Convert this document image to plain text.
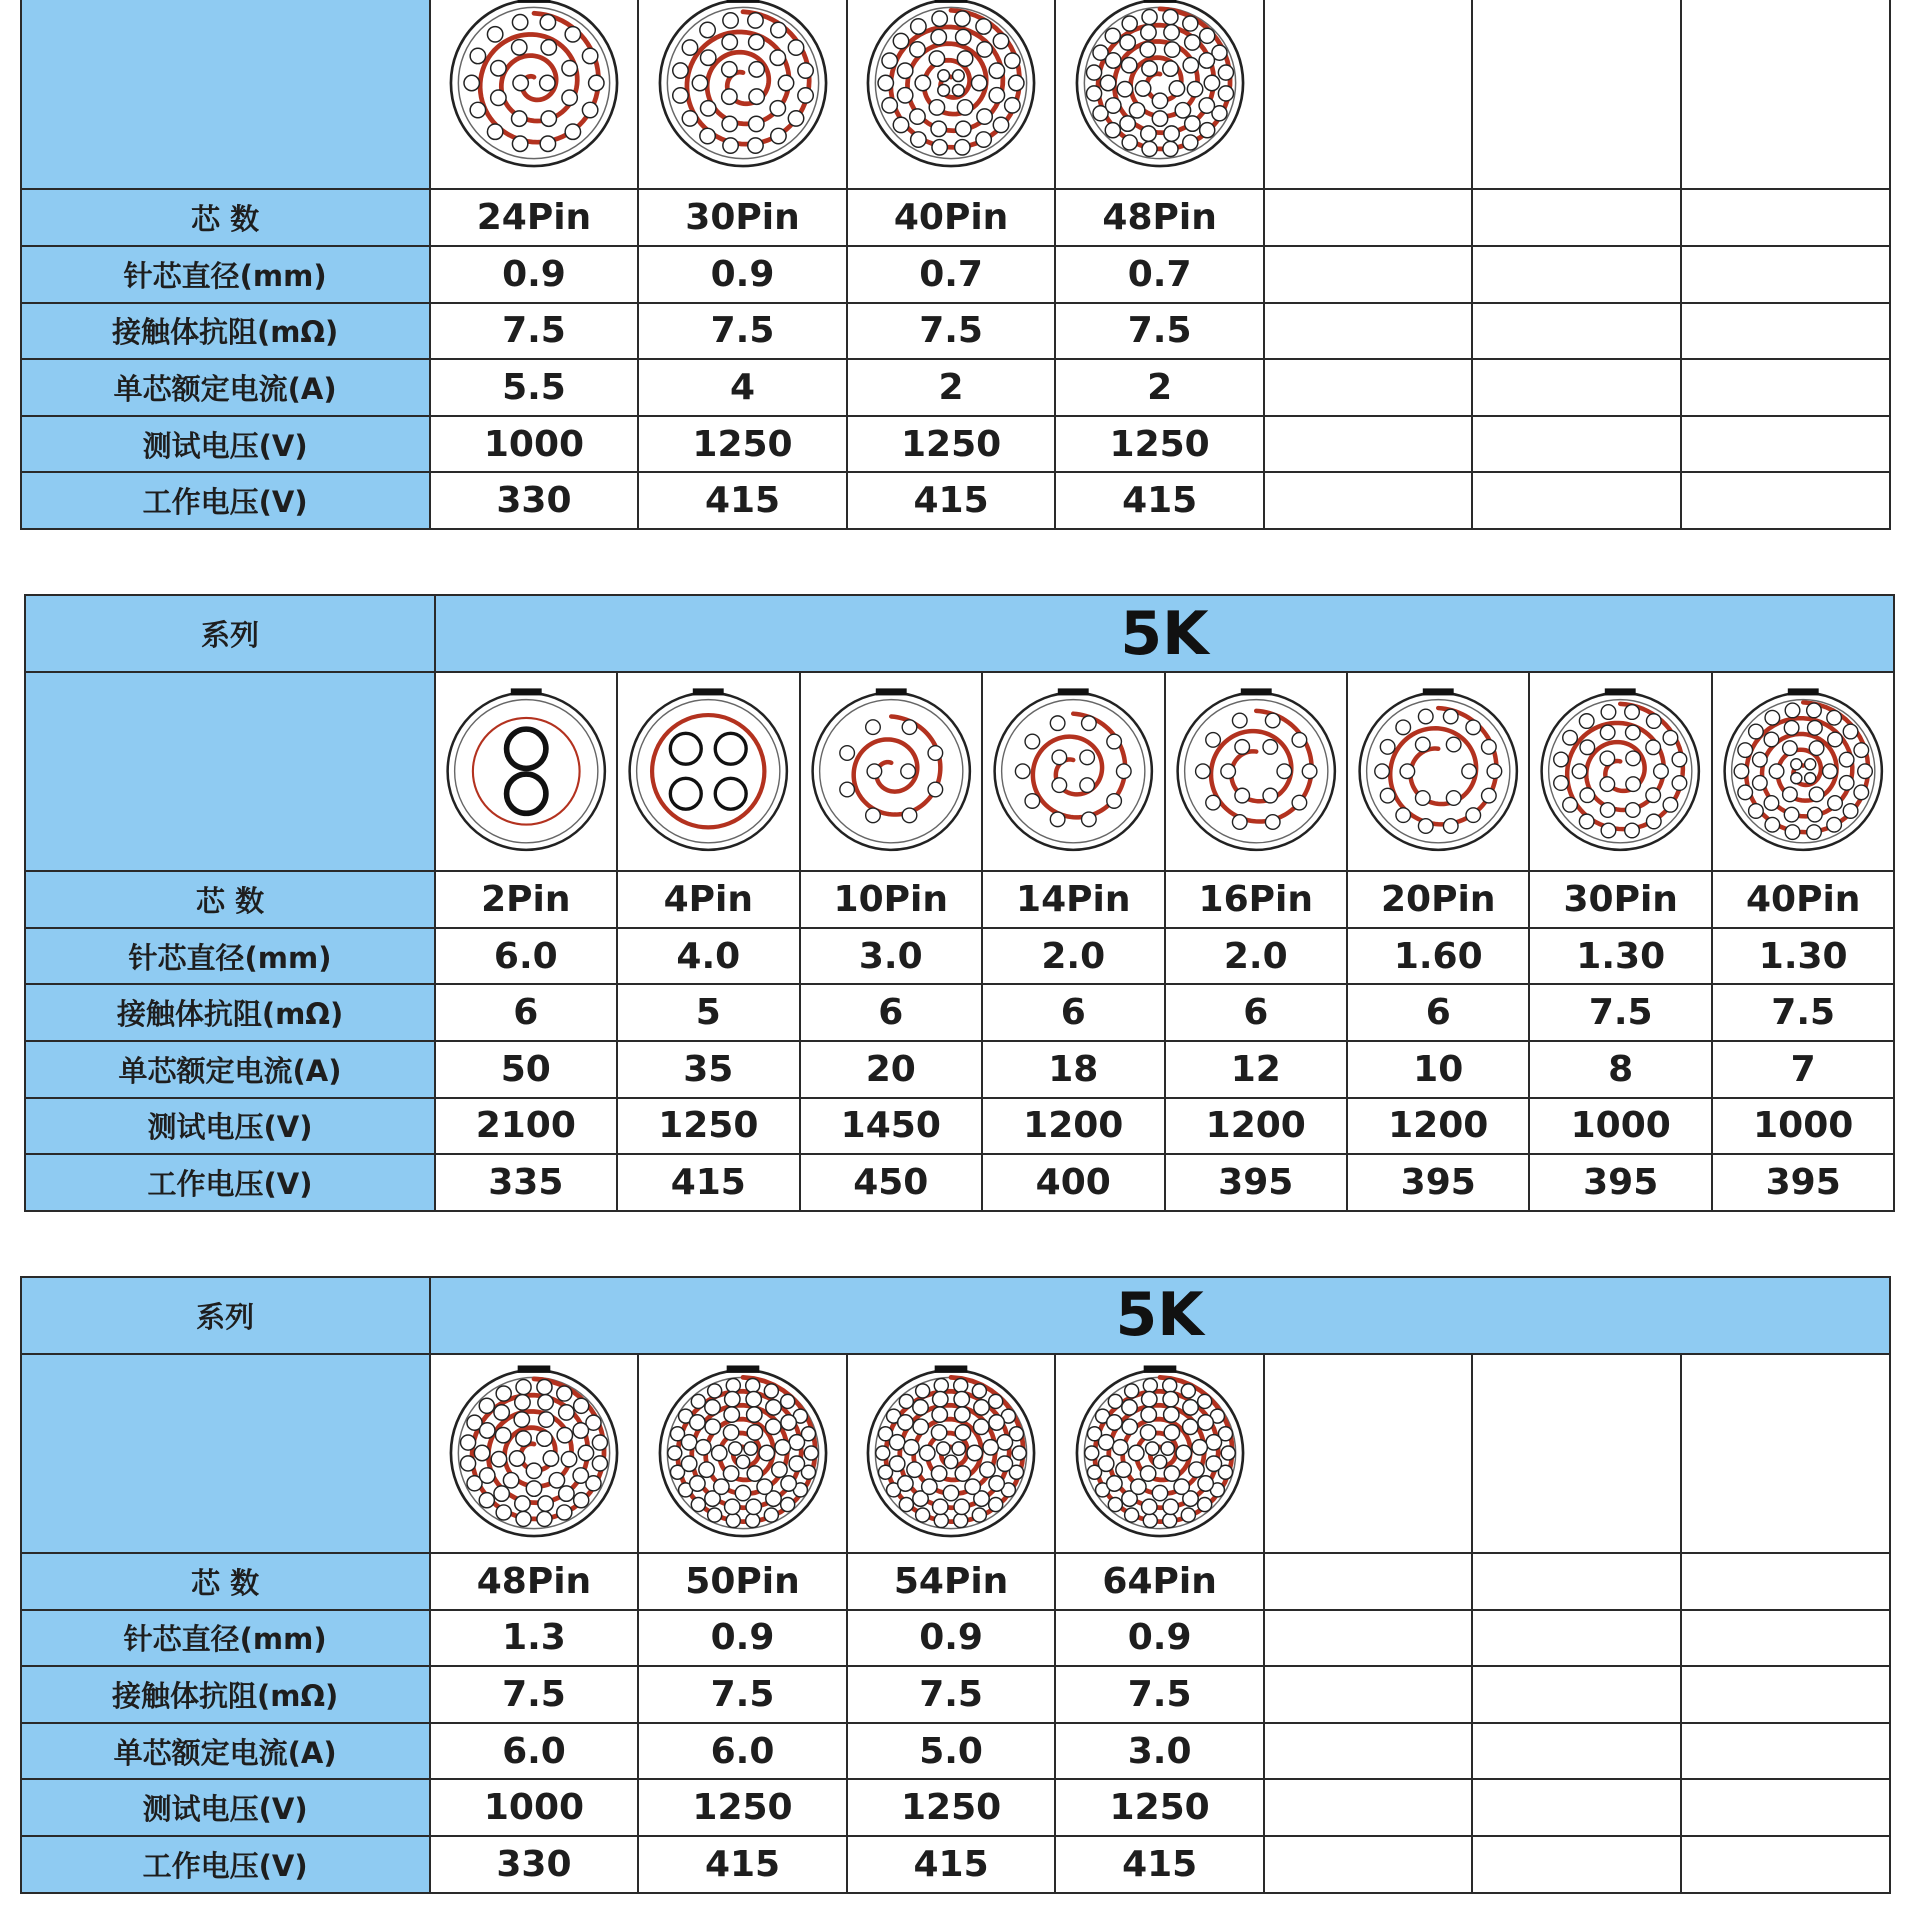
芯 数	24Pin	30Pin	40Pin	48Pin			
针芯直径(mm)	0.9	0.9	0.7	0.7			
接触体抗阻(mΩ)	7.5	7.5	7.5	7.5			
单芯额定电流(A)	5.5	4	2	2			
测试电压(V)	1000	1250	1250	1250			
工作电压(V)	330	415	415	415			
系列	5K							

芯 数	2Pin	4Pin	10Pin	14Pin	16Pin	20Pin	30Pin	40Pin
针芯直径(mm)	6.0	4.0	3.0	2.0	2.0	1.60	1.30	1.30
接触体抗阻(mΩ)	6	5	6	6	6	6	7.5	7.5
单芯额定电流(A)	50	35	20	18	12	10	8	7
测试电压(V)	2100	1250	1450	1200	1200	1200	1000	1000
工作电压(V)	335	415	450	400	395	395	395	395
系列	5K						

芯 数	48Pin	50Pin	54Pin	64Pin			
针芯直径(mm)	1.3	0.9	0.9	0.9			
接触体抗阻(mΩ)	7.5	7.5	7.5	7.5			
单芯额定电流(A)	6.0	6.0	5.0	3.0			
测试电压(V)	1000	1250	1250	1250			
工作电压(V)	330	415	415	415			
